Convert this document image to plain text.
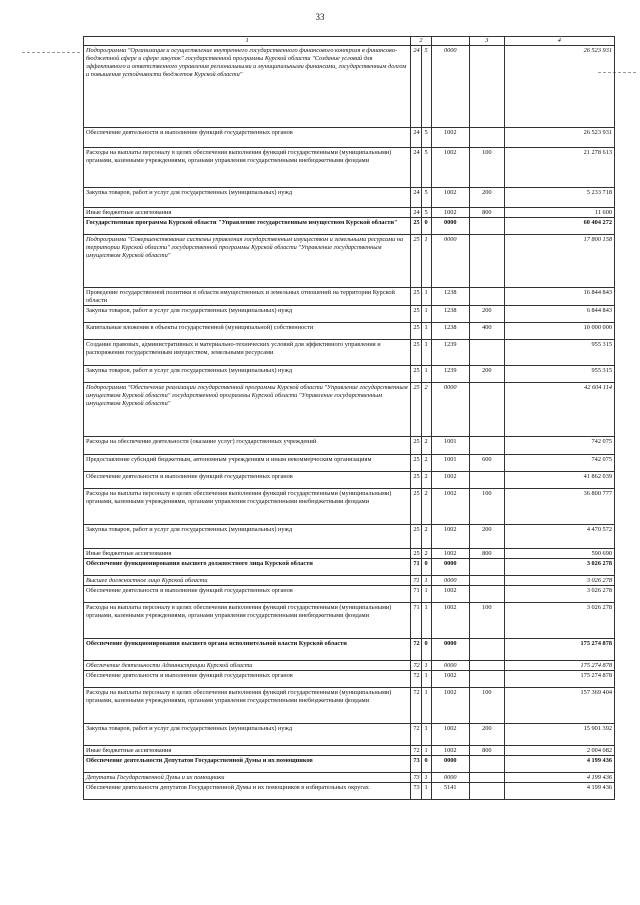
33
1	2			3	4
Подпрограмма "Организация и осуществление внутреннего государственного финансового контроля в финансово-бюджетной сфере и сфере закупок" государственной программы Курской области "Создание условий для эффективного и ответственного управления региональными и муниципальными финансами, государственным долгом и повышения устойчивости бюджетов Курской области"	24	5	0000		26 523 931
Обеспечение деятельности и выполнение функций государственных органов	24	5	1002		26 523 931
Расходы на выплаты персоналу в целях обеспечения выполнения функций государственными (муниципальными) органами, казенными учреждениями, органами управления государственными внебюджетными фондами	24	5	1002	100	21 278 613
Закупка товаров, работ и услуг для государственных (муниципальных) нужд	24	5	1002	200	5 233 718
Иные бюджетные ассигнования	24	5	1002	800	11 600
Государственная программа Курской области "Управление государственным имуществом Курской области"	25	0	0000		60 404 272
Подпрограмма "Совершенствование системы управления государственным имуществом и земельными ресурсами на территории Курской области" государственной программы Курской области "Управление государственным имуществом Курской области"	25	1	0000		17 800 158
Проведение государственной политики в области имущественных и земельных отношений на территории Курской области	25	1	1238		16 844 843
Закупка товаров, работ и услуг для государственных (муниципальных) нужд	25	1	1238	200	6 844 843
Капитальные вложения в объекты государственной (муниципальной) собственности	25	1	1238	400	10 000 000
Создание правовых, административных и материально-технических условий для эффективного управления и распоряжения государственным имуществом, земельными ресурсами	25	1	1239		955 315
Закупка товаров, работ и услуг для государственных (муниципальных) нужд	25	1	1239	200	955 315
Подпрограмма "Обеспечение реализации государственной программы Курской области "Управление государственным имуществом Курской области" государственной программы Курской области "Управление государственным имуществом Курской области"	25	2	0000		42 604 114
Расходы на обеспечение деятельности (оказание услуг) государственных учреждений	25	2	1001		742 075
Предоставление субсидий бюджетным, автономным учреждениям и иным некоммерческим организациям	25	2	1001	600	742 075
Обеспечение деятельности и выполнение функций государственных органов	25	2	1002		41 862 039
Расходы на выплаты персоналу в целях обеспечения выполнения функций государственными (муниципальными) органами, казенными учреждениями, органами управления государственными внебюджетными фондами	25	2	1002	100	36 800 777
Закупка товаров, работ и услуг для государственных (муниципальных) нужд	25	2	1002	200	4 470 572
Иные бюджетные ассигнования	25	2	1002	800	590 690
Обеспечение функционирования высшего должностного лица Курской области	71	0	0000		3 026 278
Высшее должностное лицо Курской области	71	1	0000		3 026 278
Обеспечение деятельности и выполнение функций государственных органов	71	1	1002		3 026 278
Расходы на выплаты персоналу в целях обеспечения выполнения функций государственными (муниципальными) органами, казенными учреждениями, органами управления государственными внебюджетными фондами	71	1	1002	100	3 026 278
Обеспечение функционирования высшего органа исполнительной власти Курской области	72	0	0000		175 274 878
Обеспечение деятельности Администрации Курской области	72	1	0000		175 274 878
Обеспечение деятельности и выполнение функций государственных органов	72	1	1002		175 274 878
Расходы на выплаты персоналу в целях обеспечения выполнения функций государственными (муниципальными) органами, казенными учреждениями, органами управления государственными внебюджетными фондами	72	1	1002	100	157 369 404
Закупка товаров, работ и услуг для государственных (муниципальных) нужд	72	1	1002	200	15 901 392
Иные бюджетные ассигнования	72	1	1002	800	2 004 082
Обеспечение деятельности Депутатов Государственной Думы и их помощников	73	0	0000		4 199 436
Депутаты Государственной Думы и их помощники	73	1	0000		4 199 436
Обеспечение деятельности депутатов Государственной Думы и их помощников в избирательных округах	73	1	5141		4 199 436
